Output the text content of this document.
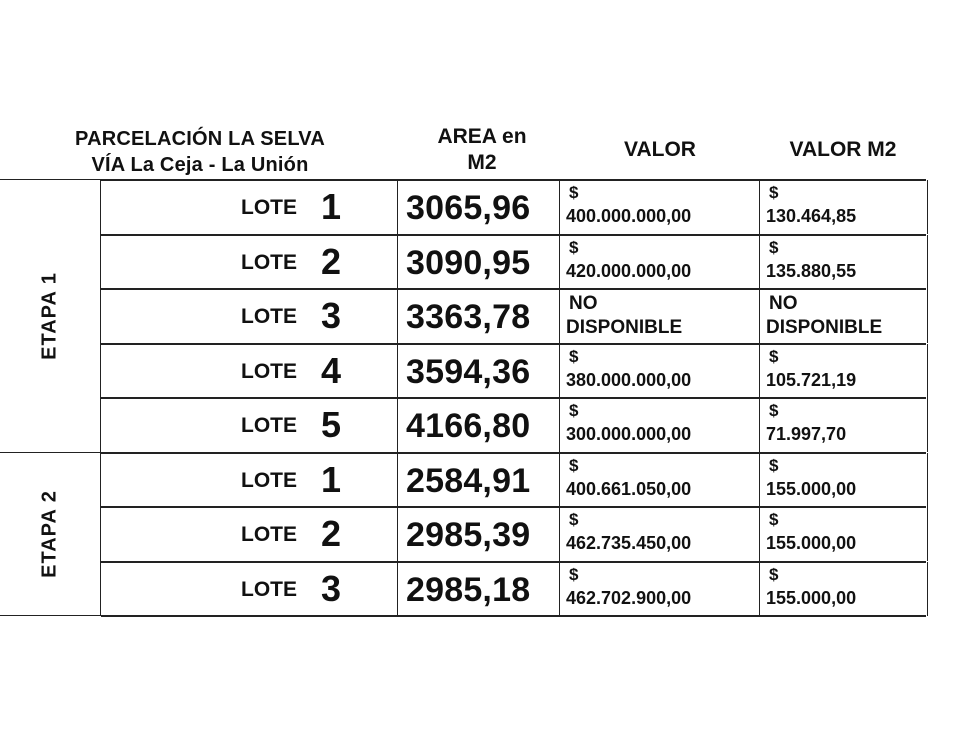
PARCELACIÓN LA SELVA
VÍA La Ceja - La Unión
AREA en
M2
VALOR	VALOR M2
ETAPA 1
ETAPA 2
LOTE 1 3065,96 $
400.000.000,00
$
130.464,85
LOTE 2 3090,95 $
420.000.000,00
$
135.880,55
LOTE 3 3363,78 NO
DISPONIBLE
NO
DISPONIBLE
LOTE 4 3594,36 $
380.000.000,00
$
105.721,19
LOTE 5 4166,80 $
300.000.000,00
$
71.997,70
LOTE 1 2584,91 $
400.661.050,00
$
155.000,00
LOTE 2 2985,39 $
462.735.450,00
$
155.000,00
LOTE 3 2985,18 $
462.702.900,00
$
155.000,00
